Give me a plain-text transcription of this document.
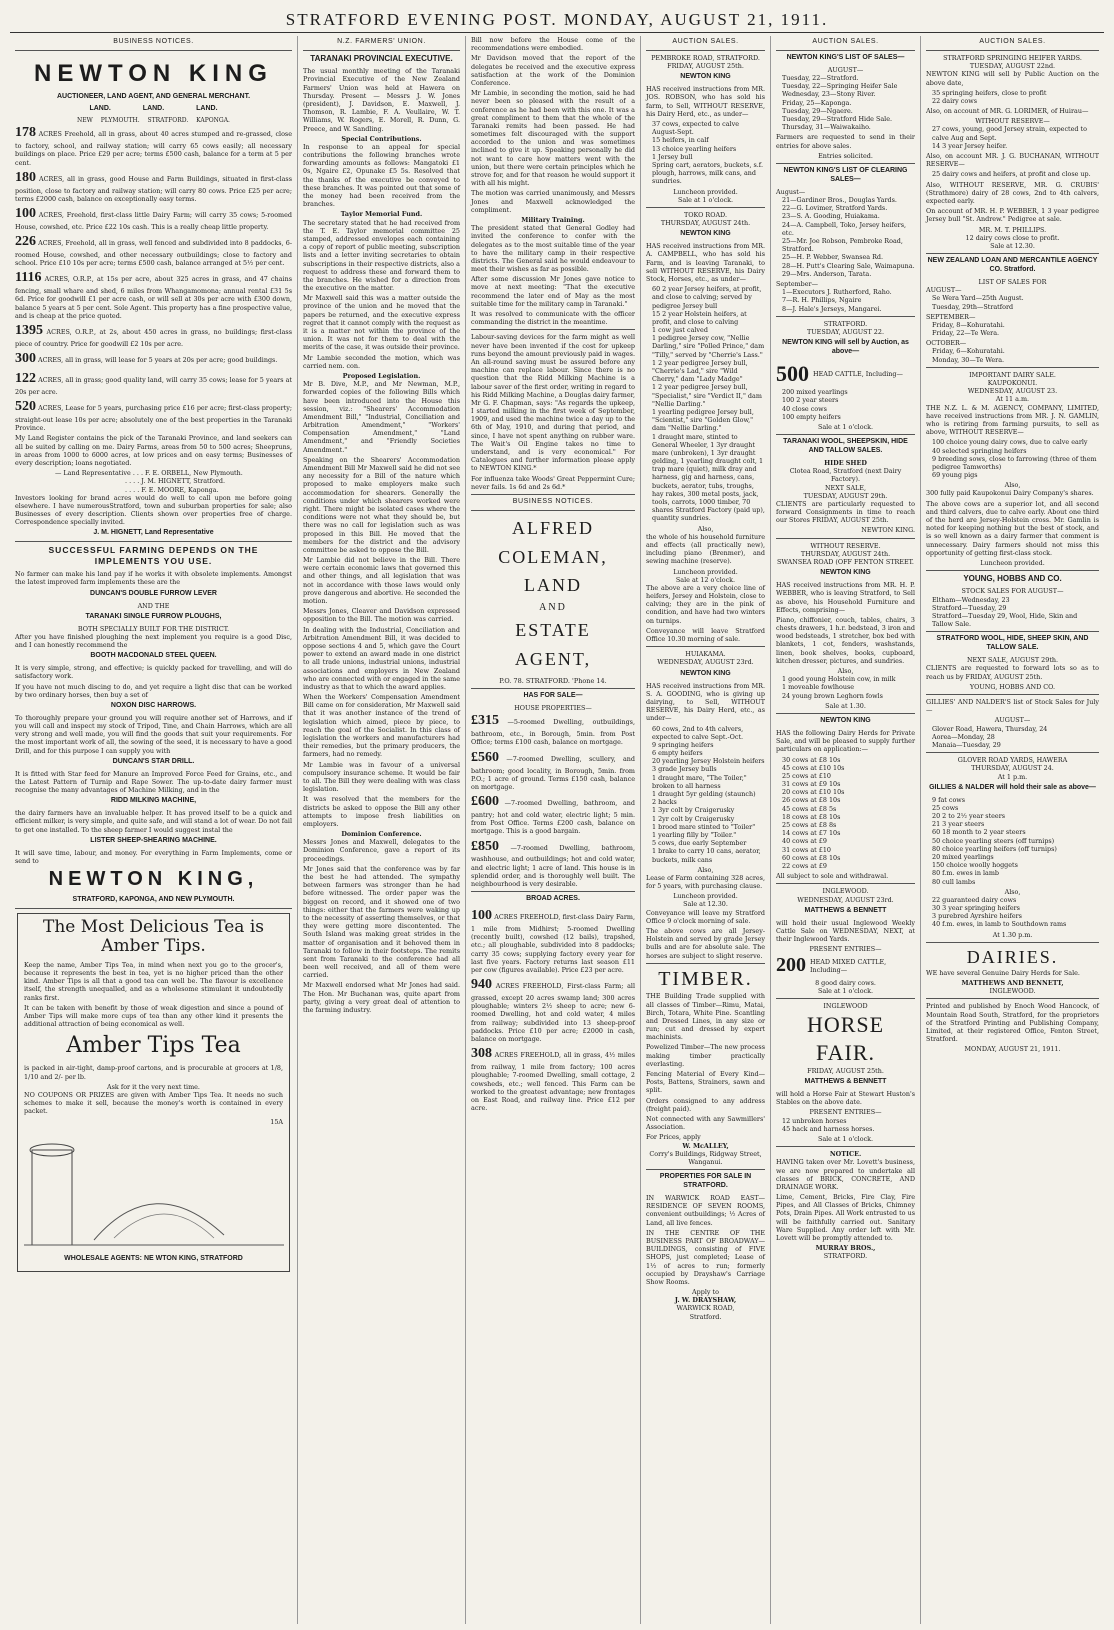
STRATFORD EVENING POST. MONDAY, AUGUST 21, 1911.
BUSINESS NOTICES.
NEWTON KING
AUCTIONEER, LAND AGENT, AND GENERAL MERCHANT.
LAND. LAND. LAND.
NEW PLYMOUTH. STRATFORD. KAPONGA.

178 ACRES Freehold, all in grass, about 40 acres stumped and re-grassed, close to factory, school, and railway station; will carry 65 cows easily; all necessary buildings on place. Price £29 per acre; terms £500 cash, balance for a term at 5 per cent.

180 ACRES, all in grass, good House and Farm Buildings, situated in first-class position, close to factory and railway station; will carry 80 cows. Price £25 per acre; terms £2000 cash, balance on exceptionally easy terms.

100 ACRES, Freehold, first-class little Dairy Farm; will carry 35 cows; 5-roomed House, cowshed, etc. Price £22 10s cash. This is a really cheap little property.

226 ACRES, Freehold, all in grass, well fenced and subdivided into 8 paddocks, 6-roomed House, cowshed, and other necessary outbuildings; close to factory and school. Price £10 10s per acre; terms £500 cash, balance arranged at 5½ per cent.

1116 ACRES, O.R.P., at 15s per acre, about 325 acres in grass, and 47 chains fencing, small whare and shed, 6 miles from Whangamomona; annual rental £31 5s 6d. Price for goodwill £1 per acre cash, or will sell at 30s per acre with £300 down, balance 5 years at 5 per cent. Sole Agent. This property has a fine prospective value, and is cheap at the price quoted.

1395 ACRES, O.R.P., at 2s, about 450 acres in grass, no buildings; first-class piece of country. Price for goodwill £2 10s per acre.

300 ACRES, all in grass, will lease for 5 years at 20s per acre; good buildings.

122 ACRES, all in grass; good quality land, will carry 35 cows; lease for 5 years at 20s per acre.

520 ACRES, Lease for 5 years, purchasing price £16 per acre; first-class property; straight-out lease 10s per acre; absolutely one of the best properties in the Taranaki Province.

My Land Register contains the pick of the Taranaki Province, and land seekers can all be suited by calling on me. Dairy Farms, areas from 50 to 500 acres; Sheepruns, in areas from 1000 to 6000 acres, at low prices and on easy terms; Businesses of every description; loans negotiated.

— Land Representative . . . F. E. ORBELL, New Plymouth.
. . . . J. M. HIGNETT, Stratford.
. . . . F. E. MOORE, Kaponga.

Investors looking for brand acres would do well to call upon me before going elsewhere. I have numerousStratford, town and suburban properties for sale; also Businesses of every description. Clients shown over properties free of charge. Correspondence specially invited.

J. M. HIGNETT, Land Representative
SUCCESSFUL FARMING DEPENDS ON THE IMPLEMENTS YOU USE.

No farmer can make his land pay if he works it with obsolete implements. Amongst the latest improved farm implements these are the

DUNCAN'S DOUBLE FURROW LEVER
AND THE
TARANAKI SINGLE FURROW PLOUGHS,
BOTH SPECIALLY BUILT FOR THE DISTRICT.

After you have finished ploughing the next implement you require is a good Disc, and I can honestly recommend the

BOOTH MACDONALD STEEL QUEEN.

It is very simple, strong, and effective; is quickly packed for travelling, and will do satisfactory work.

If you have not much discing to do, and yet require a light disc that can be worked by two ordinary horses, then buy a set of

NOXON DISC HARROWS.

To thoroughly prepare your ground you will require another set of Harrows, and if you will call and inspect my stock of Tripod, Tine, and Chain Harrows, which are all very strong and well made, you will find the goods that suit your requirements. For the most important work of all, the sowing of the seed, it is necessary to have a good Drill, and for this purpose I can supply you with

DUNCAN'S STAR DRILL.

It is fitted with Star feed for Manure an Improved Force Feed for Grains, etc., and the Latest Pattern of Turnip and Rape Sower. The up-to-date dairy farmer must recognise the many advantages of Machine Milking, and in the

RIDD MILKING MACHINE,

the dairy farmers have an invaluable helper. It has proved itself to be a quick and efficient milker, is very simple, and quite safe, and will stand a lot of wear. Do not fail to get one installed. To the sheep farmer I would suggest instal the

LISTER SHEEP-SHEARING MACHINE.

It will save time, labour, and money. For everything in Farm Implements, come or send to

NEWTON KING,
STRATFORD, KAPONGA, AND NEW PLYMOUTH.
The Most Delicious Tea is Amber Tips.

Keep the name, Amber Tips Tea, in mind when next you go to the grocer's, because it represents the best in tea, yet is no higher priced than the other kind. Amber Tips is all that a good tea can well be. The flavour is excellence itself, the strength unequalled, and as a wholesome stimulant it undoubtedly ranks first.

It can be taken with benefit by those of weak digestion and since a pound of Amber Tips will make more cups of tea than any other kind it presents the additional attraction of being economical as well.

Amber Tips Tea

is packed in air-tight, damp-proof cartons, and is procurable at grocers at 1/8, 1/10 and 2/- per lb.

Ask for it the very next time.

NO COUPONS OR PRIZES are given with Amber Tips Tea. It needs no such schemes to make it sell, because the money's worth is contained in every packet.

15A
WHOLESALE AGENTS: NE WTON KING, STRATFORD
N.Z. FARMERS' UNION.
TARANAKI PROVINCIAL EXECUTIVE.

The usual monthly meeting of the Taranaki Provincial Executive of the New Zealand Farmers' Union was held at Hawera on Thursday. Present — Messrs J. W. Jones (president), J. Davidson, E. Maxwell, J. Thomson, R. Lambie, F. A. Veullaire, W. T. Williams, W. Rogers, E. Morell, R. Dunn, G. Preece, and W. Sandling.

Special Contributions.

In response to an appeal for special contributions the following branches wrote forwarding amounts as follows: Mangatoki £1 0s, Ngaire £2, Opunake £5 5s. Resolved that the thanks of the executive be conveyed to these branches. It was pointed out that some of the money had been received from the branches.

Taylor Memorial Fund.

The secretary stated that he had received from the T. E. Taylor memorial committee 25 stamped, addressed envelopes each containing a copy of report of public meeting, subscription lists and a letter inviting secretaries to obtain subscriptions in their respective districts, also a request to address these and forward them to the branches. He wished for a direction from the executive on the matter.

Mr Maxwell said this was a matter outside the province of the union and he moved that the papers be returned, and the executive express regret that it cannot comply with the request as it is a matter not within the province of the union. It was not for them to deal with the merits of the case, it was outside their province.

Mr Lambie seconded the motion, which was carried nem. con.

Proposed Legislation.

Mr B. Dive, M.P., and Mr Newman, M.P., forwarded copies of the following Bills which have been introduced into the House this session, viz.: "Shearers' Accommodation Amendment Bill," "Industrial, Conciliation and Arbitration Amendment," "Workers' Compensation Amendment," "Land Amendment," and "Friendly Societies Amendment."

Speaking on the Shearers' Accommodation Amendment Bill Mr Maxwell said he did not see any necessity for a Bill of the nature which proposed to make employers make such accommodation for shearers. Generally the conditions under which shearers worked were right. There might be isolated cases where the conditions were not what they should be, but there was no call for legislation such as was proposed in this Bill. He moved that the members for the district and the advisory committee be asked to oppose the Bill.

Mr Lambie did not believe in the Bill. There were certain economic laws that governed this and other things, and all legislation that was not in accordance with those laws would only prove dangerous and abortive. He seconded the motion.

Messrs Jones, Cleaver and Davidson expressed opposition to the Bill. The motion was carried.

In dealing with the Industrial, Conciliation and Arbitration Amendment Bill, it was decided to oppose sections 4 and 5, which gave the Court power to extend an award made in one district to all trade unions, industrial unions, industrial associations and employers in New Zealand who are connected with or engaged in the same industry as that to which the award applies.

When the Workers' Compensation Amendment Bill came on for consideration, Mr Maxwell said that it was another instance of the trend of legislation which aimed, piece by piece, to reach the goal of the Socialist. In this class of legislation the workers and manufacturers had their remedies, but the primary producers, the farmers, had no remedy.

Mr Lambie was in favour of a universal compulsory insurance scheme. It would be fair to all. The Bill they were dealing with was class legislation.

It was resolved that the members for the districts be asked to oppose the Bill any other attempts to impose fresh liabilities on employers.

Dominion Conference.

Messrs Jones and Maxwell, delegates to the Dominion Conference, gave a report of its proceedings.

Mr Jones said that the conference was by far the best he had attended. The sympathy between farmers was stronger than he had before witnessed. The order paper was the biggest on record, and it showed one of two things: either that the farmers were waking up to the necessity of asserting themselves, or that they were getting more discontented. The South Island was making great strides in the matter of organisation and it behoved them in Taranaki to follow in their footsteps. The remits sent from Taranaki to the conference had all been well received, and all of them were carried.

Mr Maxwell endorsed what Mr Jones had said. The Hon. Mr Buchanan was, quite apart from party, giving a very great deal of attention to the farming industry.

Bill now before the House come of the recommendations were embodied.

Mr Davidson moved that the report of the delegates be received and the executive express satisfaction at the work of the Dominion Conference.

Mr Lambie, in seconding the motion, said he had never been so pleased with the result of a conference as he had been with this one. It was a great compliment to them that the whole of the Taranaki remits had been passed. He had sometimes felt discouraged with the support accorded to the union and was sometimes inclined to give it up. Speaking personally he did not want to care how matters went with the union, but there were certain principles which he strove for, and for that reason he would support it with all his might.

The motion was carried unanimously, and Messrs Jones and Maxwell acknowledged the compliment.

Military Training.

The president stated that General Godley had invited the conference to confer with the delegates as to the most suitable time of the year to have the military camp in their respective districts. The General said he would endeavour to meet their wishes as far as possible.

After some discussion Mr Jones gave notice to move at next meeting: "That the executive recommend the later end of May as the most suitable time for the military camp in Taranaki."

It was resolved to communicate with the officer commanding the district in the meantime.

Labour-saving devices for the farm might as well never have been invented if the cost for upkeep runs beyond the amount previously paid in wages. An all-round saving must be assured before any machine can replace labour. Since there is no question that the Ridd Milking Machine is a labour saver of the first order, writing in regard to his Ridd Milking Machine, a Douglas dairy farmer, Mr G. F. Chapman, says: "As regards the upkeep, I started milking in the first week of September, 1909, and used the machine twice a day up to the 6th of May, 1910, and during that period, and since, I have not spent anything on rubber ware. The Wait's Oil Engine takes no time to understand, and is very economical." For Catalogues and further information please apply to NEWTON KING.*

For influenza take Woods' Great Peppermint Cure; never fails. 1s 6d and 2s 6d.*

BUSINESS NOTICES.
ALFRED
COLEMAN,
LAND
AND
ESTATE
AGENT,
P.O. 78. STRATFORD. 'Phone 14.
HAS FOR SALE—
HOUSE PROPERTIES—

£315 —5-roomed Dwelling, outbuildings, bathroom, etc., in Borough, 5min. from Post Office; terms £100 cash, balance on mortgage.

£560 —7-roomed Dwelling, scullery, and bathroom; good locality, in Borough, 5min. from P.O.; 1 acre of ground. Terms £150 cash, balance on mortgage.

£600 —7-roomed Dwelling, bathroom, and pantry; hot and cold water, electric light; 5 min. from Post Office. Terms £200 cash, balance on mortgage. This is a good bargain.

£850 —7-roomed Dwelling, bathroom, washhouse, and outbuildings; hot and cold water, and electric light; 1 acre of land. This house is in splendid order, and is thoroughly well built. The neighbourhood is very desirable.

BROAD ACRES.

100 ACRES FREEHOLD, first-class Dairy Farm, 1 mile from Midhirst; 5-roomed Dwelling (recently built), cowshed (12 bails), trapshed, etc.; all ploughable, subdivided into 8 paddocks; carry 35 cows; supplying factory every year for last five years. Factory returns last season £11 per cow (figures available). Price £23 per acre.

940 ACRES FREEHOLD, First-class Farm; all grassed, except 20 acres swamp land; 300 acres ploughable; winters 2½ sheep to acre; new 6-roomed Dwelling, hot and cold water, 4 miles from railway; subdivided into 13 sheep-proof paddocks. Price £10 per acre; £2000 in cash, balance on mortgage.

308 ACRES FREEHOLD, all in grass, 4½ miles from railway, 1 mile from factory; 100 acres ploughable; 7-roomed Dwelling, small cottage, 2 cowsheds, etc.; well fenced. This Farm can be worked to the greatest advantage; new frontages on East Road, and railway line. Price £12 per acre.

AUCTION SALES.
PEMBROKE ROAD, STRATFORD.
FRIDAY, AUGUST 25th.
NEWTON KING

HAS received instructions from MR. JOS. ROBSON, who has sold his farm, to Sell, WITHOUT RESERVE, his Dairy Herd, etc., as under—

37 cows, expected to calve August-Sept.
15 heifers, in calf
13 choice yearling heifers
1 Jersey bull
Spring cart, aerators, buckets, s.f. plough, harrows, milk cans, and sundries.
Luncheon provided.
Sale at 1 o'clock.
TOKO ROAD.
THURSDAY, AUGUST 24th.
NEWTON KING

HAS received instructions from MR. A. CAMPBELL, who has sold his Farm, and is leaving Taranaki, to sell WITHOUT RESERVE, his Dairy Stock, Horses, etc., as under—

60 2 year Jersey heifers, at profit, and close to calving; served by pedigree Jersey bull
15 2 year Holstein heifers, at profit, and close to calving
1 cow just calved
1 pedigree Jersey cow, "Nellie Darling," sire "Polled Prince," dam "Tilly," served by "Cherrie's Lass."
1 2 year pedigree Jersey bull, "Cherrie's Lad," sire "Wild Cherry," dam "Lady Madge"
1 2 year pedigree Jersey bull, "Specialist," sire "Verdict II," dam "Nellie Darling."
1 yearling pedigree Jersey bull, "Scientist," sire "Golden Glow," dam "Nellie Darling."
1 draught mare, stinted to General Wheeler, 1 3yr draught mare (unbroken), 1 3yr draught gelding, 1 yearling draught colt, 1 trap mare (quiet), milk dray and harness, gig and harness, cans, buckets, aerator, tubs, troughs, hay rakes, 300 metal posts, jack, tools, carrots, 1000 timber, 70 shares Stratford Factory (paid up), quantity sundries.
Also,

the whole of his household furniture and effects (all practically new), including piano (Brenmer), and sewing machine (reserve).

Luncheon provided.
Sale at 12 o'clock.

The above are a very choice line of heifers, Jersey and Holstein, close to calving; they are in the pink of condition, and have had two winters on turnips.

Conveyance will leave Stratford Office 10.30 morning of sale.

HUIAKAMA.
WEDNESDAY, AUGUST 23rd.
NEWTON KING

HAS received instructions from MR. S. A. GOODING, who is giving up dairying, to Sell, WITHOUT RESERVE, his Dairy Herd, etc., as under—

60 cows, 2nd to 4th calvers, expected to calve Sept.-Oct.
9 springing heifers
6 empty heifers
20 yearling Jersey Holstein heifers
3 grade Jersey bulls
1 draught mare, "The Toiler," broken to all harness
1 draught 5yr gelding (staunch)
2 hacks
1 3yr colt by Craigerusky
1 2yr colt by Craigerusky
1 brood mare stinted to "Toiler"
1 yearling filly by "Toiler."
5 cows, due early September
1 brake to carry 10 cans, aerator, buckets, milk cans
Also,

Lease of Farm containing 328 acres, for 5 years, with purchasing clause.

Luncheon provided.
Sale at 12.30.

Conveyance will leave my Stratford Office 9 o'clock morning of sale.

The above cows are all Jersey-Holstein and served by grade Jersey bulls and are for absolute sale. The horses are subject to slight reserve.

TIMBER.

THE Building Trade supplied with all classes of Timber—Rimu, Matai, Birch, Totara, White Pine. Scantling and Dressed Lines, in any size or run; cut and dressed by expert machinists.

Powelized Timber—The new process making timber practically everlasting.

Fencing Material of Every Kind—Posts, Battens, Strainers, sawn and split.

Orders consigned to any address (freight paid).

Not connected with any Sawmillers' Association.

For Prices, apply
W. McALLEY,
Corry's Buildings, Ridgway Street, Wanganui.
PROPERTIES FOR SALE IN STRATFORD.

IN WARWICK ROAD EAST—RESIDENCE OF SEVEN ROOMS, convenient outbuildings; ½ Acres of Land, all live fences.

IN THE CENTRE OF THE BUSINESS PART OF BROADWAY—BUILDINGS, consisting of FIVE SHOPS, just completed; Lease of 1½ of acres to run; formerly occupied by Drayshaw's Carriage Show Rooms.

Apply to
J. W. DRAYSHAW,
WARWICK ROAD,
Stratford.
AUCTION SALES.
NEWTON KING'S LIST OF SALES—
AUGUST—
Tuesday, 22—Stratford.
Tuesday, 22—Springing Heifer Sale
Wednesday, 23—Stony River.
Friday, 25—Kaponga.
Tuesday, 29—Ngaere.
Tuesday, 29—Stratford Hide Sale.
Thursday, 31—Waiwakaiho.

Farmers are requested to send in their entries for above sales.

Entries solicited.
NEWTON KING'S LIST OF CLEARING SALES—
August—
21—Gardiner Bros., Douglas Yards.
22—G. Lovimer, Stratford Yards.
23—S. A. Gooding, Huiakama.
24—A. Campbell, Toko, Jersey heifers, etc.
25—Mr. Joe Robson, Pembroke Road, Stratford.
25—H. P. Webber, Swansea Rd.
28—H. Putt's Clearing Sale, Waimapuna.
29—Mrs. Anderson, Tarata.
September—
1—Executors J. Rutherford, Raho.
7—R. H. Phillips, Ngaire
8—J. Hale's Jerseys, Mangarei.
STRATFORD.
TUESDAY, AUGUST 22.
NEWTON KING will sell by Auction, as above—
500 HEAD CATTLE, Including—
200 mixed yearlings
100 2 year steers
40 close cows
100 empty heifers
Sale at 1 o'clock.
TARANAKI WOOL, SHEEPSKIN, HIDE AND TALLOW SALES.
HIDE SHED
Clotea Road, Stratford (next Dairy Factory).
NEXT SALE,
TUESDAY, AUGUST 29th.

CLIENTS are particularly requested to forward Consignments in time to reach our Stores FRIDAY, AUGUST 25th.

NEWTON KING.
WITHOUT RESERVE.
THURSDAY, AUGUST 24th.
SWANSEA ROAD (OFF FENTON STREET.
NEWTON KING

HAS received instructions from MR. H. P. WEBBER, who is leaving Stratford, to Sell as above, his Household Furniture and Effects, comprising—

Piano, chiffonier, couch, tables, chairs, 3 chests drawers, 1 h.r. bedstead, 3 iron and wood bedsteads, 1 stretcher, box bed with blankets, 1 cot, fenders, washstands, linen, book shelves, books, cupboard, kitchen dresser, pictures, and sundries.

Also,
1 good young Holstein cow, in milk
1 moveable fowlhouse
24 young brown Leghorn fowls
Sale at 1.30.
NEWTON KING

HAS the following Dairy Herds for Private Sale, and will be pleased to supply further particulars on application:—

30 cows at £8 10s
45 cows at £10 10s
25 cows at £10
31 cows at £9 10s
20 cows at £10 10s
26 cows at £8 10s
45 cows at £8 5s
18 cows at £8 10s
25 cows at £8 8s
14 cows at £7 10s
40 cows at £9
31 cows at £10
60 cows at £8 10s
22 cows at £9

All subject to sole and withdrawal.

INGLEWOOD.
WEDNESDAY, AUGUST 23rd.
MATTHEWS & BENNETT

will hold their usual Inglewood Weekly Cattle Sale on WEDNESDAY, NEXT, at their Inglewood Yards.

PRESENT ENTRIES—
200 HEAD MIXED CATTLE, Including—
8 good dairy cows.
Sale at 1 o'clock.
INGLEWOOD
HORSE FAIR.
FRIDAY, AUGUST 25th.
MATTHEWS & BENNETT

will hold a Horse Fair at Stewart Huston's Stables on the above date.

PRESENT ENTRIES—
12 unbroken horses
45 hack and harness horses.
Sale at 1 o'clock.
NOTICE.

HAVING taken over Mr. Lovett's business, we are now prepared to undertake all classes of BRICK, CONCRETE, AND DRAINAGE WORK.

Lime, Cement, Bricks, Fire Clay, Fire Pipes, and All Classes of Bricks, Chimney Pots, Drain Pipes. All Work entrusted to us will be faithfully carried out. Sanitary Ware Supplied. Any order left with Mr. Lovett will be promptly attended to.

MURRAY BROS.,
STRATFORD.
AUCTION SALES.
STRATFORD SPRINGING HEIFER YARDS.
TUESDAY, AUGUST 22nd.

NEWTON KING will sell by Public Auction on the above date,

35 springing heifers, close to profit
22 dairy cows

Also, on account of MR. G. LORIMER, of Huirau—

WITHOUT RESERVE—
27 cows, young, good Jersey strain, expected to calve Aug and Sept.
14 3 year Jersey heifer.

Also, on account MR. J. G. BUCHANAN, WITHOUT RESERVE—

25 dairy cows and heifers, at profit and close up.

Also, WITHOUT RESERVE, MR. G. CRUBIS' (Strathmore) dairy of 28 cows, 2nd to 4th calvers, expected early.

On account of MR. H. P. WEBBER, 1 3 year pedigree Jersey bull "St. Andrew." Pedigree at sale.

MR. M. T. PHILLIPS.
12 dairy cows close to profit.
Sale at 12.30.
NEW ZEALAND LOAN AND MERCANTILE AGENCY CO. Stratford.
LIST OF SALES FOR
AUGUST—
Se Wera Yard—25th August.
Tuesday, 29th—Stratford
SEPTEMBER—
Friday, 8—Kohuratahi.
Friday, 22—Te Wera.
OCTOBER—
Friday, 6—Kohuratahi.
Monday, 30—Te Wera.
IMPORTANT DAIRY SALE.
KAUPOKONUI.
WEDNESDAY, AUGUST 23.
At 11 a.m.

THE N.Z. L. & M. AGENCY, COMPANY, LIMITED, have received instructions from MR. J. N. GAMLIN, who is retiring from farming pursuits, to sell as above, WITHOUT RESERVE—

100 choice young dairy cows, due to calve early
40 selected springing heifers
9 breeding sows, close to farrowing (three of them pedigree Tamworths)
69 young pigs
Also,

300 fully paid Kaupokonui Dairy Company's shares.

The above cows are a superior lot, and all second and third calvers, due to calve early. About one third of the herd are Jersey-Holstein cross. Mr. Gamlin is noted for keeping nothing but the best of stock, and is so well known as a dairy farmer that comment is unnecessary. Dairy farmers should not miss this opportunity of getting first-class stock.

Luncheon provided.
YOUNG, HOBBS AND CO.
STOCK SALES FOR AUGUST—
Eltham—Wednesday, 23
Stratford—Tuesday, 29
Stratford—Tuesday 29, Wool, Hide, Skin and Tallow Sale.
STRATFORD WOOL, HIDE, SHEEP SKIN, AND TALLOW SALE.
NEXT SALE, AUGUST 29th.

CLIENTS are requested to forward lots so as to reach us by FRIDAY, AUGUST 25th.

YOUNG, HOBBS AND CO.

GILLIES' AND NALDER'S list of Stock Sales for July—

AUGUST—
Glover Road, Hawera, Thursday, 24
Aorea—Monday, 28
Manaia—Tuesday, 29
GLOVER ROAD YARDS, HAWERA
THURSDAY, AUGUST 24.
At 1 p.m.
GILLIES & NALDER will hold their sale as above—
9 fat cows
25 cows
20 2 to 2½ year steers
21 3 year steers
60 18 month to 2 year steers
50 choice yearling steers (off turnips)
80 choice yearling heifers (off turnips)
20 mixed yearlings
150 choice woolly hoggets
80 f.m. ewes in lamb
80 cull lambs
Also,
22 guaranteed dairy cows
30 3 year springing heifers
3 purebred Ayrshire heifers
40 f.m. ewes, in lamb to Southdown rams
At 1.30 p.m.
DAIRIES.

WE have several Genuine Dairy Herds for Sale.

MATTHEWS AND BENNETT,
INGLEWOOD.

Printed and published by Enoch Wood Hancock, of Mountain Road South, Stratford, for the proprietors of the Stratford Printing and Publishing Company, Limited, at their registered Office, Fenton Street, Stratford.

MONDAY, AUGUST 21, 1911.
